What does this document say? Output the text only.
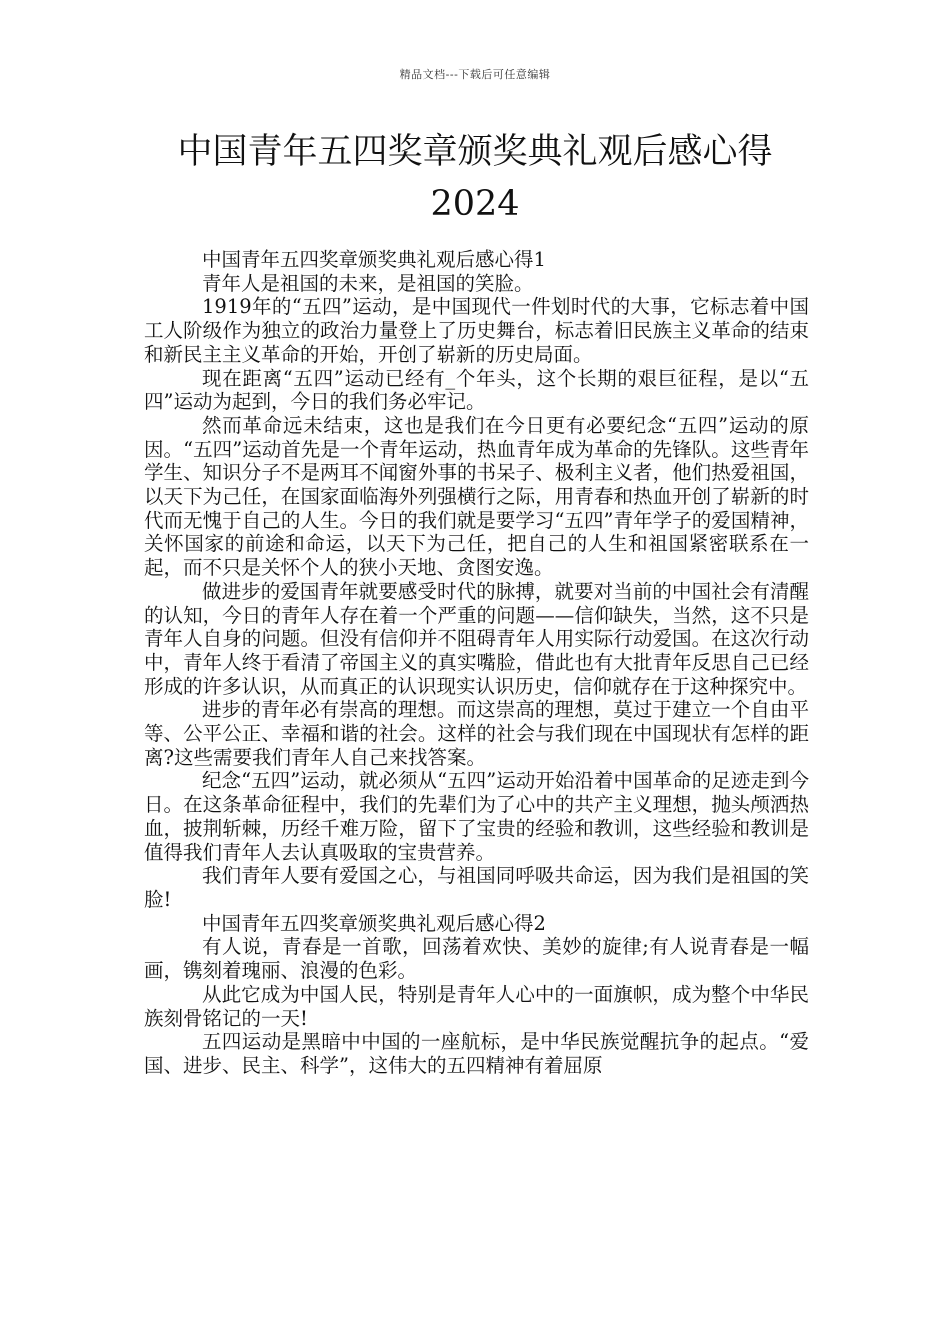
精品文档---下载后可任意编辑
中国青年五四奖章颁奖典礼观后感心得
2024

中国青年五四奖章颁奖典礼观后感心得1

青年人是祖国的未来，是祖国的笑脸。

1919年的“五四”运动，是中国现代一件划时代的大事，它标志着中国工人阶级作为独立的政治力量登上了历史舞台，标志着旧民族主义革命的结束和新民主主义革命的开始，开创了崭新的历史局面。

现在距离“五四”运动已经有_个年头，这个长期的艰巨征程，是以“五四”运动为起到，今日的我们务必牢记。

然而革命远未结束，这也是我们在今日更有必要纪念“五四”运动的原因。“五四”运动首先是一个青年运动，热血青年成为革命的先锋队。这些青年学生、知识分子不是两耳不闻窗外事的书呆子、极利主义者，他们热爱祖国，以天下为己任，在国家面临海外列强横行之际，用青春和热血开创了崭新的时代而无愧于自己的人生。今日的我们就是要学习“五四”青年学子的爱国精神，关怀国家的前途和命运，以天下为己任，把自己的人生和祖国紧密联系在一起，而不只是关怀个人的狭小天地、贪图安逸。

做进步的爱国青年就要感受时代的脉搏，就要对当前的中国社会有清醒的认知，今日的青年人存在着一个严重的问题——信仰缺失，当然，这不只是青年人自身的问题。但没有信仰并不阻碍青年人用实际行动爱国。在这次行动中，青年人终于看清了帝国主义的真实嘴脸，借此也有大批青年反思自己已经形成的许多认识，从而真正的认识现实认识历史，信仰就存在于这种探究中。

进步的青年必有崇高的理想。而这崇高的理想，莫过于建立一个自由平等、公平公正、幸福和谐的社会。这样的社会与我们现在中国现状有怎样的距离?这些需要我们青年人自己来找答案。

纪念“五四”运动，就必须从“五四”运动开始沿着中国革命的足迹走到今日。在这条革命征程中，我们的先辈们为了心中的共产主义理想，抛头颅洒热血，披荆斩棘，历经千难万险，留下了宝贵的经验和教训，这些经验和教训是值得我们青年人去认真吸取的宝贵营养。

我们青年人要有爱国之心，与祖国同呼吸共命运，因为我们是祖国的笑脸!

中国青年五四奖章颁奖典礼观后感心得2

有人说，青春是一首歌，回荡着欢快、美妙的旋律;有人说青春是一幅画，镌刻着瑰丽、浪漫的色彩。

从此它成为中国人民，特别是青年人心中的一面旗帜，成为整个中华民族刻骨铭记的一天!

五四运动是黑暗中中国的一座航标，是中华民族觉醒抗争的起点。“爱国、进步、民主、科学”，这伟大的五四精神有着屈原
